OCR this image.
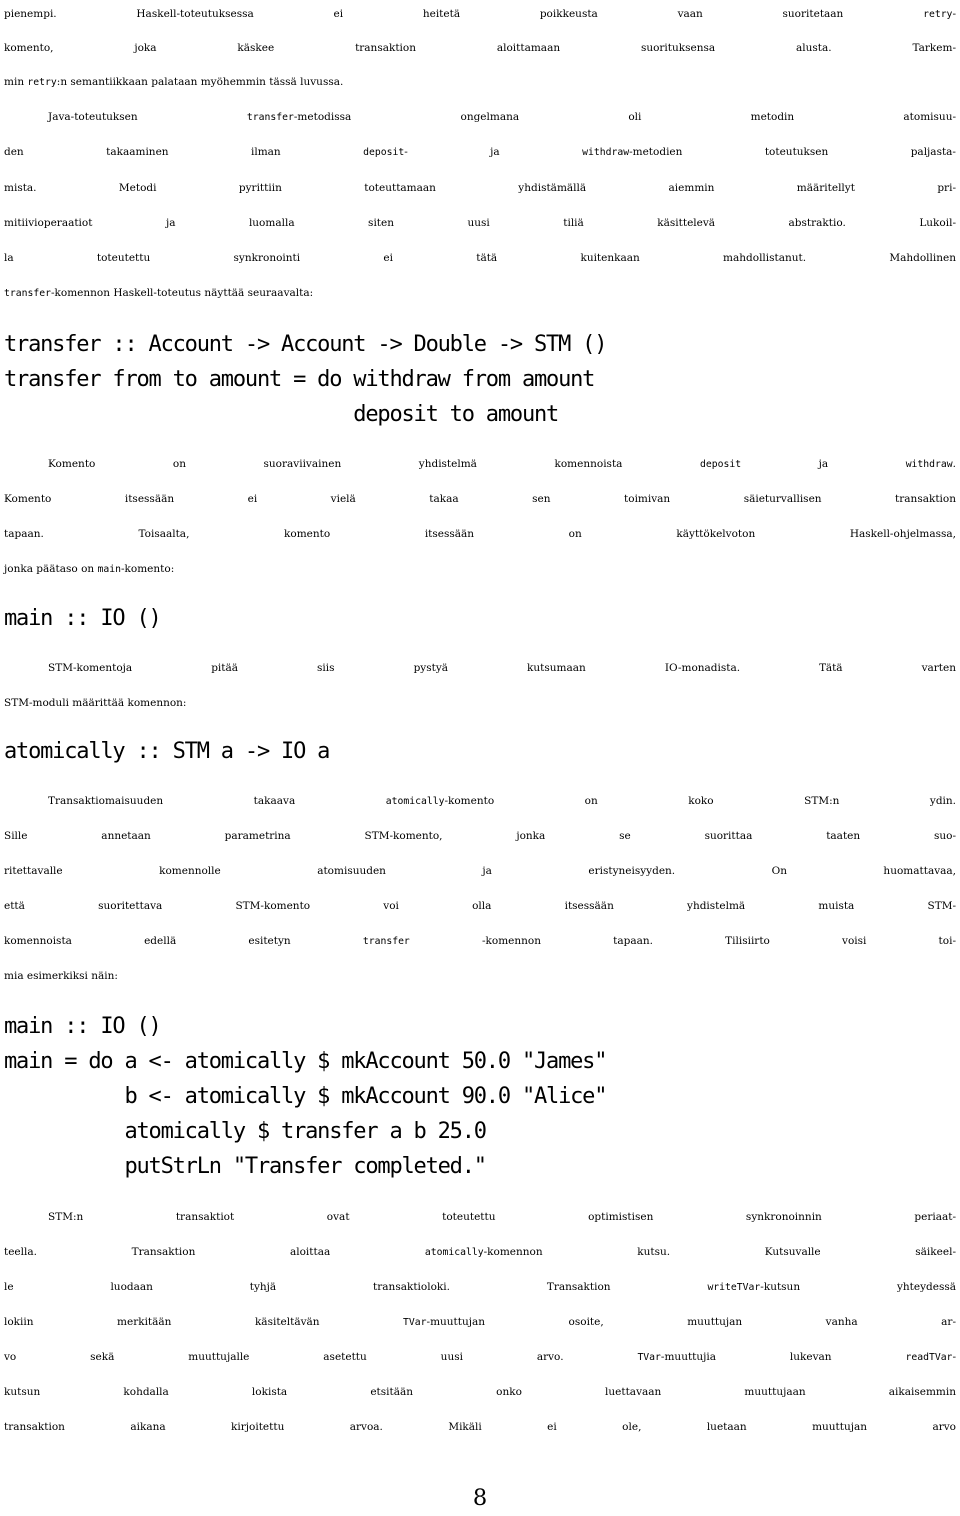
pienempi. Haskell-toteutuksessa ei heitetä poikkeusta vaan suoritetaan retry-
komento, joka käskee transaktion aloittamaan suorituksensa alusta. Tarkem-
min retry:n semantiikkaan palataan myöhemmin tässä luvussa.
Java-toteutuksen transfer-metodissa ongelmana oli metodin atomisuu-
den takaaminen ilman deposit- ja withdraw-metodien toteutuksen paljasta-
mista. Metodi pyrittiin toteuttamaan yhdistämällä aiemmin määritellyt pri-
mitiivioperaatiot ja luomalla siten uusi tiliä käsittelevä abstraktio. Lukoil-
la toteutettu synkronointi ei tätä kuitenkaan mahdollistanut. Mahdollinen
transfer-komennon Haskell-toteutus näyttää seuraavalta:
transfer :: Account -> Account -> Double -> STM ()
transfer from to amount = do withdraw from amount
deposit to amount
Komento on suoraviivainen yhdistelmä komennoista deposit ja withdraw.
Komento itsessään ei vielä takaa sen toimivan säieturvallisen transaktion
tapaan. Toisaalta, komento itsessään on käyttökelvoton Haskell-ohjelmassa,
jonka päätaso on main-komento:
main :: IO ()
STM-komentoja pitää siis pystyä kutsumaan IO-monadista. Tätä varten
STM-moduli määrittää komennon:
atomically :: STM a -> IO a
Transaktiomaisuuden takaava atomically-komento on koko STM:n ydin.
Sille annetaan parametrina STM-komento, jonka se suorittaa taaten suo-
ritettavalle komennolle atomisuuden ja eristyneisyyden. On huomattavaa,
että suoritettava STM-komento voi olla itsessään yhdistelmä muista STM-
komennoista edellä esitetyn transfer -komennon tapaan. Tilisiirto voisi toi-
mia esimerkiksi näin:
main :: IO ()
main = do a <- atomically $ mkAccount 50.0 "James"
b <- atomically $ mkAccount 90.0 "Alice"
atomically $ transfer a b 25.0
putStrLn "Transfer completed."
STM:n transaktiot ovat toteutettu optimistisen synkronoinnin periaat-
teella. Transaktion aloittaa atomically-komennon kutsu. Kutsuvalle säikeel-
le luodaan tyhjä transaktioloki. Transaktion writeTVar-kutsun yhteydessä
lokiin merkitään käsiteltävän TVar-muuttujan osoite, muuttujan vanha ar-
vo sekä muuttujalle asetettu uusi arvo. TVar-muuttujia lukevan readTVar-
kutsun kohdalla lokista etsitään onko luettavaan muuttujaan aikaisemmin
transaktion aikana kirjoitettu arvoa. Mikäli ei ole, luetaan muuttujan arvo
8
